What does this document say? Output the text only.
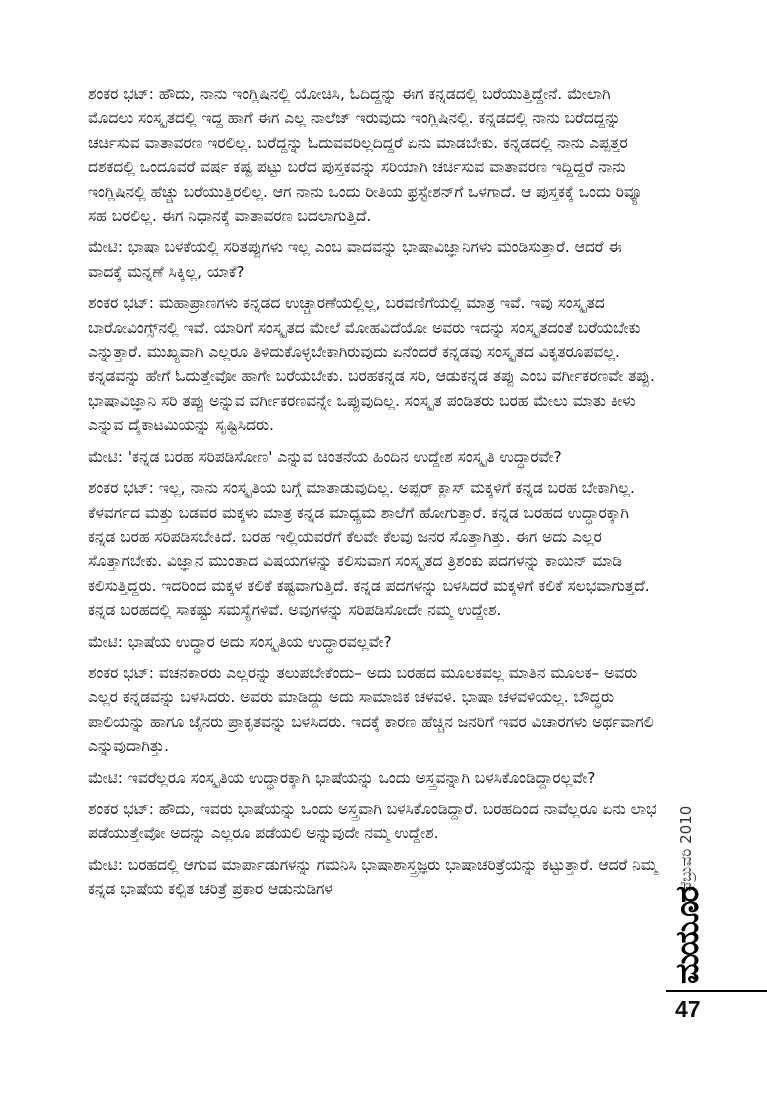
ಶಂಕರ ಭಟ್: ಹೌದು, ನಾನು ಇಂಗ್ಲಿಷಿನಲ್ಲಿ ಯೋಚಿಸಿ, ಓದಿದ್ದನ್ನು ಈಗ ಕನ್ನಡದಲ್ಲಿ ಬರೆಯುತ್ತಿದ್ದೇನೆ. ಮೇಲಾಗಿ ಮೊದಲು ಸಂಸ್ಕೃತದಲ್ಲಿ ಇದ್ದ ಹಾಗೆ ಈಗ ಎಲ್ಲ ನಾಲೆಜ್ ಇರುವುದು ಇಂಗ್ಲಿಷಿನಲ್ಲಿ. ಕನ್ನಡದಲ್ಲಿ ನಾನು ಬರೆದದ್ದನ್ನು ಚರ್ಚಿಸುವ ವಾತಾವರಣ ಇರಲಿಲ್ಲ. ಬರೆದ್ದನ್ನು ಓದುವವರಿಲ್ಲದಿದ್ದರೆ ಏನು ಮಾಡಬೇಕು. ಕನ್ನಡದಲ್ಲಿ ನಾನು ಎಪ್ಪತ್ತರ ದಶಕದಲ್ಲಿ ಒಂದೂವರೆ ವರ್ಷ ಕಷ್ಟ ಪಟ್ಟು ಬರೆದ ಪುಸ್ತಕವನ್ನು ಸರಿಯಾಗಿ ಚರ್ಚಿಸುವ ವಾತಾವರಣ ಇದ್ದಿದ್ದರೆ ನಾನು ಇಂಗ್ಲಿಷಿನಲ್ಲಿ ಹೆಚ್ಚು ಬರೆಯುತ್ತಿರಲಿಲ್ಲ. ಆಗ ನಾನು ಒಂದು ರೀತಿಯ ಫ್ರಸ್ಟೇಶನ್‌ಗೆ ಒಳಗಾದೆ. ಆ ಪುಸ್ತಕಕ್ಕೆ ಒಂದು ರಿವ್ಯೂ ಸಹ ಬರಲಿಲ್ಲ. ಈಗ ನಿಧಾನಕ್ಕೆ ವಾತಾವರಣ ಬದಲಾಗುತ್ತಿದೆ.

ಮೇಟಿ: ಭಾಷಾ ಬಳಕೆಯಲ್ಲಿ ಸರಿತಪ್ಪುಗಳು ಇಲ್ಲ ಎಂಬ ವಾದವನ್ನು ಭಾಷಾವಿಜ್ಞಾನಿಗಳು ಮಂಡಿಸುತ್ತಾರೆ. ಆದರೆ ಈ ವಾದಕ್ಕೆ ಮನ್ನಣೆ ಸಿಕ್ಕಿಲ್ಲ, ಯಾಕೆ?

ಶಂಕರ ಭಟ್: ಮಹಾಪ್ರಾಣಗಳು ಕನ್ನಡದ ಉಚ್ಚಾರಣೆಯಲ್ಲಿಲ್ಲ, ಬರವಣಿಗೆಯಲ್ಲಿ ಮಾತ್ರ ಇವೆ. ಇವು ಸಂಸ್ಕೃತದ ಬಾರೋವಿಂಗ್ಸ್‌ನಲ್ಲಿ ಇವೆ. ಯಾರಿಗೆ ಸಂಸ್ಕೃತದ ಮೇಲೆ ಮೋಹವಿದೆಯೋ ಅವರು ಇದನ್ನು ಸಂಸ್ಕೃತದಂತೆ ಬರೆಯಬೇಕು ಎನ್ನುತ್ತಾರೆ. ಮುಖ್ಯವಾಗಿ ಎಲ್ಲರೂ ತಿಳಿದುಕೊಳ್ಳಬೇಕಾಗಿರುವುದು ಏನೆಂದರೆ ಕನ್ನಡವು ಸಂಸ್ಕೃತದ ವಿಕೃತರೂಪವಲ್ಲ. ಕನ್ನಡವನ್ನು ಹೇಗೆ ಓದುತ್ತೇವೋ ಹಾಗೇ ಬರೆಯಬೇಕು. ಬರಹಕನ್ನಡ ಸರಿ, ಆಡುಕನ್ನಡ ತಪ್ಪು ಎಂಬ ವರ್ಗೀಕರಣವೇ ತಪ್ಪು. ಭಾಷಾವಿಜ್ಞಾನಿ ಸರಿ ತಪ್ಪು ಅನ್ನುವ ವರ್ಗೀಕರಣವನ್ನೇ ಒಪ್ಪುವುದಿಲ್ಲ. ಸಂಸ್ಕೃತ ಪಂಡಿತರು ಬರಹ ಮೇಲು ಮಾತು ಕೀಳು ಎನ್ನುವ ದೈಕಾಟಮಿಯನ್ನು ಸೃಷ್ಟಿಸಿದರು.

ಮೇಟಿ: 'ಕನ್ನಡ ಬರಹ ಸರಿಪಡಿಸೋಣ' ಎನ್ನುವ ಚಿಂತನೆಯ ಹಿಂದಿನ ಉದ್ದೇಶ ಸಂಸ್ಕೃತಿ ಉದ್ಧಾರವೇ?

ಶಂಕರ ಭಟ್: ಇಲ್ಲ, ನಾನು ಸಂಸ್ಕೃತಿಯ ಬಗ್ಗೆ ಮಾತಾಡುವುದಿಲ್ಲ. ಅಪ್ಪರ್ ಕ್ಲಾಸ್ ಮಕ್ಕಳಿಗೆ ಕನ್ನಡ ಬರಹ ಬೇಕಾಗಿಲ್ಲ. ಕೆಳವರ್ಗದ ಮತ್ತು ಬಡವರ ಮಕ್ಕಳು ಮಾತ್ರ ಕನ್ನಡ ಮಾಧ್ಯಮ ಶಾಲೆಗೆ ಹೋಗುತ್ತಾರೆ. ಕನ್ನಡ ಬರಹದ ಉದ್ಧಾರಕ್ಕಾಗಿ ಕನ್ನಡ ಬರಹ ಸರಿಪಡಿಸಬೇಕಿದೆ. ಬರಹ ಇಲ್ಲಿಯವರೆಗೆ ಕೆಲವೇ ಕೆಲವು ಜನರ ಸೊತ್ತಾಗಿತ್ತು. ಈಗ ಅದು ಎಲ್ಲರ ಸೊತ್ತಾಗಬೇಕು. ವಿಜ್ಞಾನ ಮುಂತಾದ ವಿಷಯಗಳನ್ನು ಕಲಿಸುವಾಗ ಸಂಸ್ಕೃತದ ತ್ರಿಶಂಕು ಪದಗಳನ್ನು ಕಾಯಿನ್ ಮಾಡಿ ಕಲಿಸುತ್ತಿದ್ದರು. ಇದರಿಂದ ಮಕ್ಕಳ ಕಲಿಕೆ ಕಷ್ಟವಾಗುತ್ತಿದೆ. ಕನ್ನಡ ಪದಗಳನ್ನು ಬಳಸಿದರೆ ಮಕ್ಕಳಿಗೆ ಕಲಿಕೆ ಸಲಭವಾಗುತ್ತದೆ. ಕನ್ನಡ ಬರಹದಲ್ಲಿ ಸಾಕಷ್ಟು ಸಮಸ್ಯೆಗಳಿವೆ. ಅವುಗಳನ್ನು ಸರಿಪಡಿಸೋದೇ ನಮ್ಮ ಉದ್ದೇಶ.

ಮೇಟಿ: ಭಾಷೆಯ ಉದ್ಧಾರ ಅದು ಸಂಸ್ಕೃತಿಯ ಉದ್ಧಾರವಲ್ಲವೇ?

ಶಂಕರ ಭಟ್: ವಚನಕಾರರು ಎಲ್ಲರನ್ನು ತಲುಪಬೇಕೆಂದು– ಅದು ಬರಹದ ಮೂಲಕವಲ್ಲ ಮಾತಿನ ಮೂಲಕ– ಅವರು ಎಲ್ಲರ ಕನ್ನಡವನ್ನು ಬಳಸಿದರು. ಅವರು ಮಾಡಿದ್ದು ಅದು ಸಾಮಾಜಿಕ ಚಳವಳಿ. ಭಾಷಾ ಚಳವಳಿಯಲ್ಲ. ಬೌದ್ಧರು ಪಾಲಿಯನ್ನು ಹಾಗೂ ಜೈನರು ಪ್ರಾಕೃತವನ್ನು ಬಳಸಿದರು. ಇದಕ್ಕೆ ಕಾರಣ ಹೆಚ್ಚಿನ ಜನರಿಗೆ ಇವರ ವಿಚಾರಗಳು ಅರ್ಥವಾಗಲಿ ಎನ್ನುವುದಾಗಿತ್ತು.

ಮೇಟಿ: ಇವರೆಲ್ಲರೂ ಸಂಸ್ಕೃತಿಯ ಉದ್ಧಾರಕ್ಕಾಗಿ ಭಾಷೆಯನ್ನು ಒಂದು ಅಸ್ತ್ರವನ್ನಾಗಿ ಬಳಸಿಕೊಂಡಿದ್ದಾರಲ್ಲವೇ?

ಶಂಕರ ಭಟ್: ಹೌದು, ಇವರು ಭಾಷೆಯನ್ನು ಒಂದು ಅಸ್ತ್ರವಾಗಿ ಬಳಸಿಕೊಂಡಿದ್ದಾರೆ. ಬರಹದಿಂದ ನಾವೆಲ್ಲರೂ ಏನು ಲಾಭ ಪಡೆಯುತ್ತೇವೋ ಅದನ್ನು ಎಲ್ಲರೂ ಪಡೆಯಲಿ ಅನ್ನುವುದೇ ನಮ್ಮ ಉದ್ದೇಶ.

ಮೇಟಿ: ಬರಹದಲ್ಲಿ ಆಗುವ ಮಾರ್ಪಾಡುಗಳನ್ನು ಗಮನಿಸಿ ಭಾಷಾಶಾಸ್ತ್ರಜ್ಞರು ಭಾಷಾಚರಿತ್ರೆಯನ್ನು ಕಟ್ಟುತ್ತಾರೆ. ಆದರೆ ನಿಮ್ಮ ಕನ್ನಡ ಭಾಷೆಯ ಕಲ್ಪಿತ ಚರಿತ್ರೆ ಪ್ರಕಾರ ಆಡುನುಡಿಗಳ	ಫೆಬ್ರುವರಿ 2010
ಮಯೂರ
47
